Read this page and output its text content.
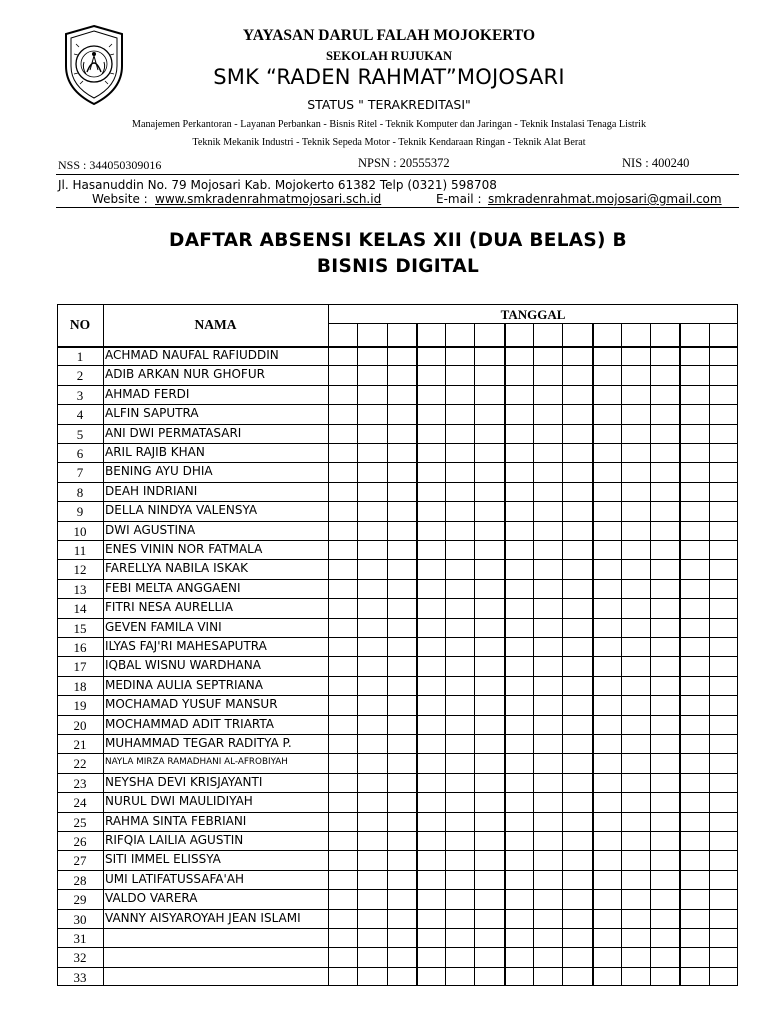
YAYASAN DARUL FALAH MOJOKERTO
SEKOLAH RUJUKAN
SMK “RADEN RAHMAT”MOJOSARI
STATUS " TERAKREDITASI"
Manajemen Perkantoran - Layanan Perbankan - Bisnis Ritel - Teknik Komputer dan Jaringan - Teknik Instalasi Tenaga Listrik
Teknik Mekanik Industri - Teknik Sepeda Motor - Teknik Kendaraan Ringan - Teknik Alat Berat
NSS : 344050309016	NPSN : 20555372	NIS : 400240
Jl. Hasanuddin No. 79 Mojosari Kab. Mojokerto 61382 Telp (0321) 598708
Website : www.smkradenrahmatmojosari.sch.id	E-mail : smkradenrahmat.mojosari@gmail.com
DAFTAR ABSENSI KELAS XII (DUA BELAS) B
BISNIS DIGITAL
NO	NAMA
TANGGAL
1	ACHMAD NAUFAL RAFIUDDIN
2	ADIB ARKAN NUR GHOFUR
3	AHMAD FERDI
4	ALFIN SAPUTRA
5	ANI DWI PERMATASARI
6	ARIL RAJIB KHAN
7	BENING AYU DHIA
8	DEAH INDRIANI
9	DELLA NINDYA VALENSYA
10	DWI AGUSTINA
11	ENES VININ NOR FATMALA
12	FARELLYA NABILA ISKAK
13	FEBI MELTA ANGGAENI
14	FITRI NESA AURELLIA
15	GEVEN FAMILA VINI
16	ILYAS FAJ'RI MAHESAPUTRA
17	IQBAL WISNU WARDHANA
18	MEDINA AULIA SEPTRIANA
19	MOCHAMAD YUSUF MANSUR
20	MOCHAMMAD ADIT TRIARTA
21	MUHAMMAD TEGAR RADITYA P.
22	NAYLA MIRZA RAMADHANI AL-AFROBIYAH
23	NEYSHA DEVI KRISJAYANTI
24	NURUL DWI MAULIDIYAH
25	RAHMA SINTA FEBRIANI
26	RIFQIA LAILIA AGUSTIN
27	SITI IMMEL ELISSYA
28	UMI LATIFATUSSAFA'AH
29	VALDO VARERA
30	VANNY AISYAROYAH JEAN ISLAMI
31
32
33
